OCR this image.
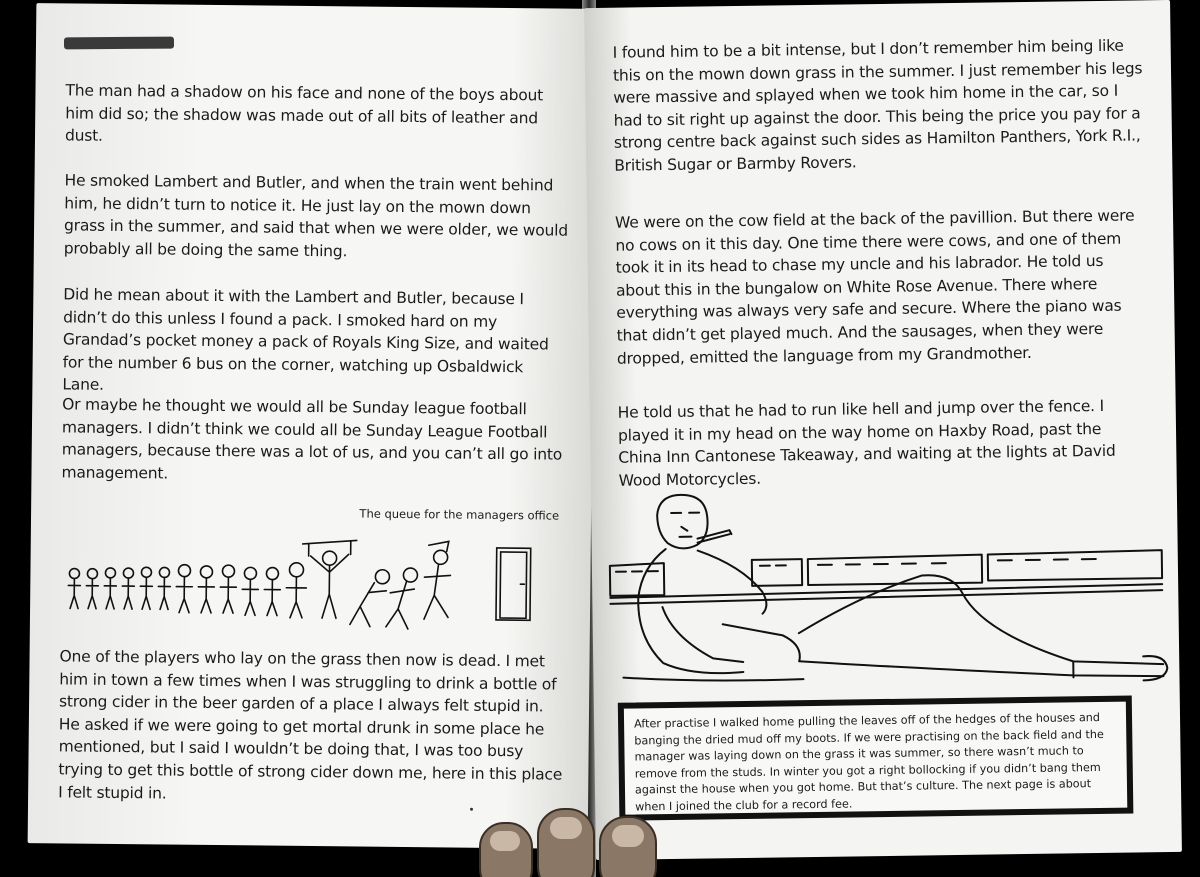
The man had a shadow on his face and none of the boys about him did so; the shadow was made out of all bits of leather and dust.

He smoked Lambert and Butler, and when the train went behind him, he didn’t turn to notice it. He just lay on the mown down grass in the summer, and said that when we were older, we would probably all be doing the same thing.

Did he mean about it with the Lambert and Butler, because I didn’t do this unless I found a pack. I smoked hard on my Grandad’s pocket money a pack of Royals King Size, and waited for the number 6 bus on the corner, watching up Osbaldwick Lane.

Or maybe he thought we would all be Sunday league football managers. I didn’t think we could all be Sunday League Football managers, because there was a lot of us, and you can’t all go into management.

The queue for the managers office

One of the players who lay on the grass then now is dead. I met him in town a few times when I was struggling to drink a bottle of strong cider in the beer garden of a place I always felt stupid in. He asked if we were going to get mortal drunk in some place he mentioned, but I said I wouldn’t be doing that, I was too busy trying to get this bottle of strong cider down me, here in this place I felt stupid in.

I found him to be a bit intense, but I don’t remember him being like this on the mown down grass in the summer. I just remember his legs were massive and splayed when we took him home in the car, so I had to sit right up against the door. This being the price you pay for a strong centre back against such sides as Hamilton Panthers, York R.I., British Sugar or Barmby Rovers.

We were on the cow field at the back of the pavillion. But there were no cows on it this day. One time there were cows, and one of them took it in its head to chase my uncle and his labrador. He told us about this in the bungalow on White Rose Avenue. There where everything was always very safe and secure. Where the piano was that didn’t get played much. And the sausages, when they were dropped, emitted the language from my Grandmother.

He told us that he had to run like hell and jump over the fence. I played it in my head on the way home on Haxby Road, past the China Inn Cantonese Takeaway, and waiting at the lights at David Wood Motorcycles.

After practise I walked home pulling the leaves off of the hedges of the houses and banging the dried mud off my boots. If we were practising on the back field and the manager was laying down on the grass it was summer, so there wasn’t much to remove from the studs. In winter you got a right bollocking if you didn’t bang them against the house when you got home. But that’s culture. The next page is about when I joined the club for a record fee.
